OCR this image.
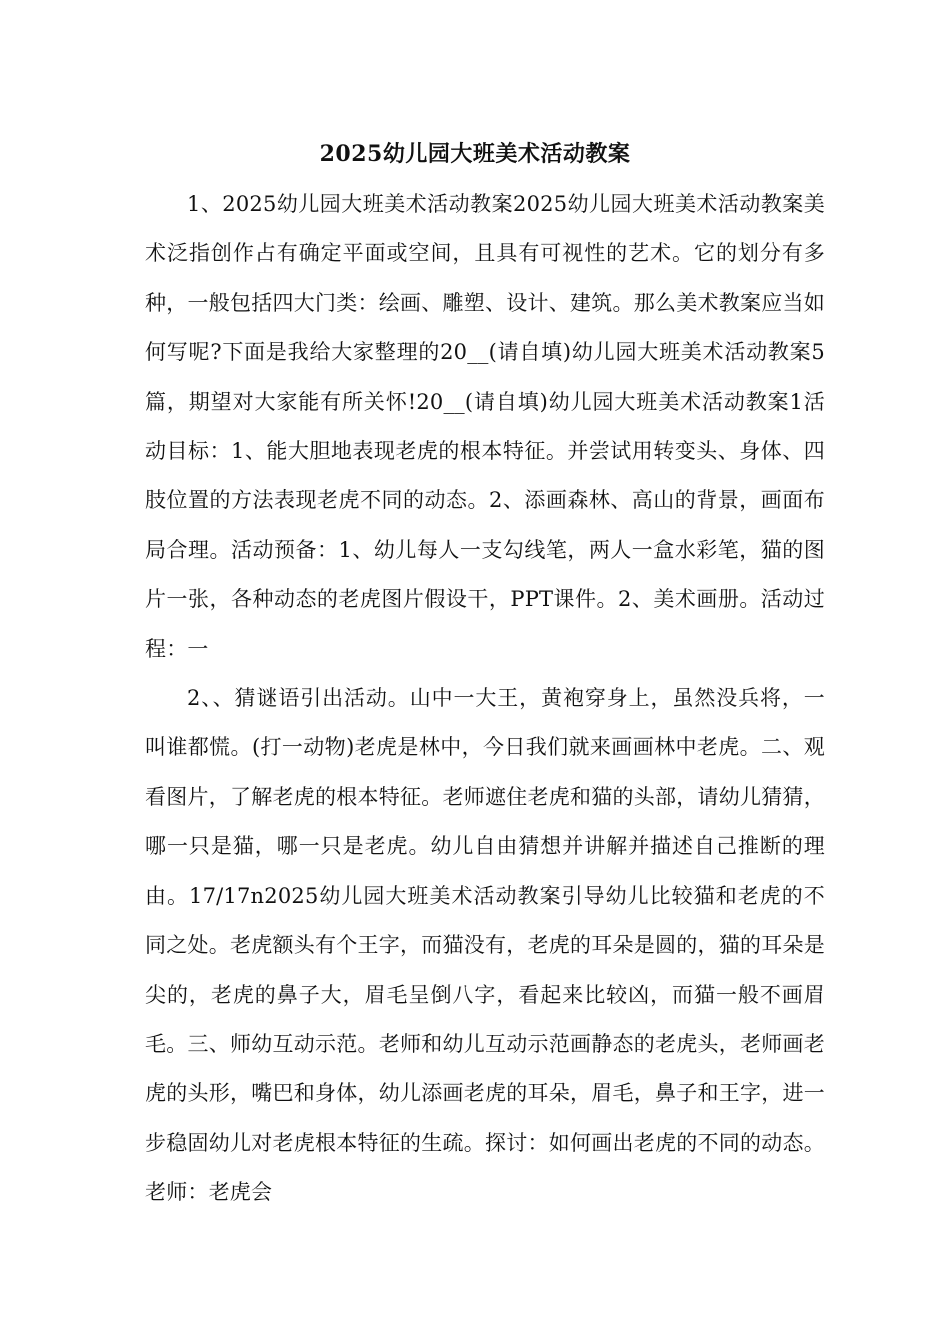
2025幼儿园大班美术活动教案

1、2025幼儿园大班美术活动教案2025幼儿园大班美术活动教案美术泛指创作占有确定平面或空间，且具有可视性的艺术。它的划分有多种，一般包括四大门类：绘画、雕塑、设计、建筑。那么美术教案应当如何写呢?下面是我给大家整理的20__(请自填)幼儿园大班美术活动教案5篇，期望对大家能有所关怀!20__(请自填)幼儿园大班美术活动教案1活动目标：1、能大胆地表现老虎的根本特征。并尝试用转变头、身体、四肢位置的方法表现老虎不同的动态。2、添画森林、高山的背景，画面布局合理。活动预备：1、幼儿每人一支勾线笔，两人一盒水彩笔，猫的图片一张，各种动态的老虎图片假设干，PPT课件。2、美术画册。活动过程：一

2、、猜谜语引出活动。山中一大王，黄袍穿身上，虽然没兵将，一叫谁都慌。(打一动物)老虎是林中，今日我们就来画画林中老虎。二、观看图片，了解老虎的根本特征。老师遮住老虎和猫的头部，请幼儿猜猜，哪一只是猫，哪一只是老虎。幼儿自由猜想并讲解并描述自己推断的理由。17/17n2025幼儿园大班美术活动教案引导幼儿比较猫和老虎的不同之处。老虎额头有个王字，而猫没有，老虎的耳朵是圆的，猫的耳朵是尖的，老虎的鼻子大，眉毛呈倒八字，看起来比较凶，而猫一般不画眉毛。三、师幼互动示范。老师和幼儿互动示范画静态的老虎头，老师画老虎的头形，嘴巴和身体，幼儿添画老虎的耳朵，眉毛，鼻子和王字，进一步稳固幼儿对老虎根本特征的生疏。探讨：如何画出老虎的不同的动态。老师：老虎会
